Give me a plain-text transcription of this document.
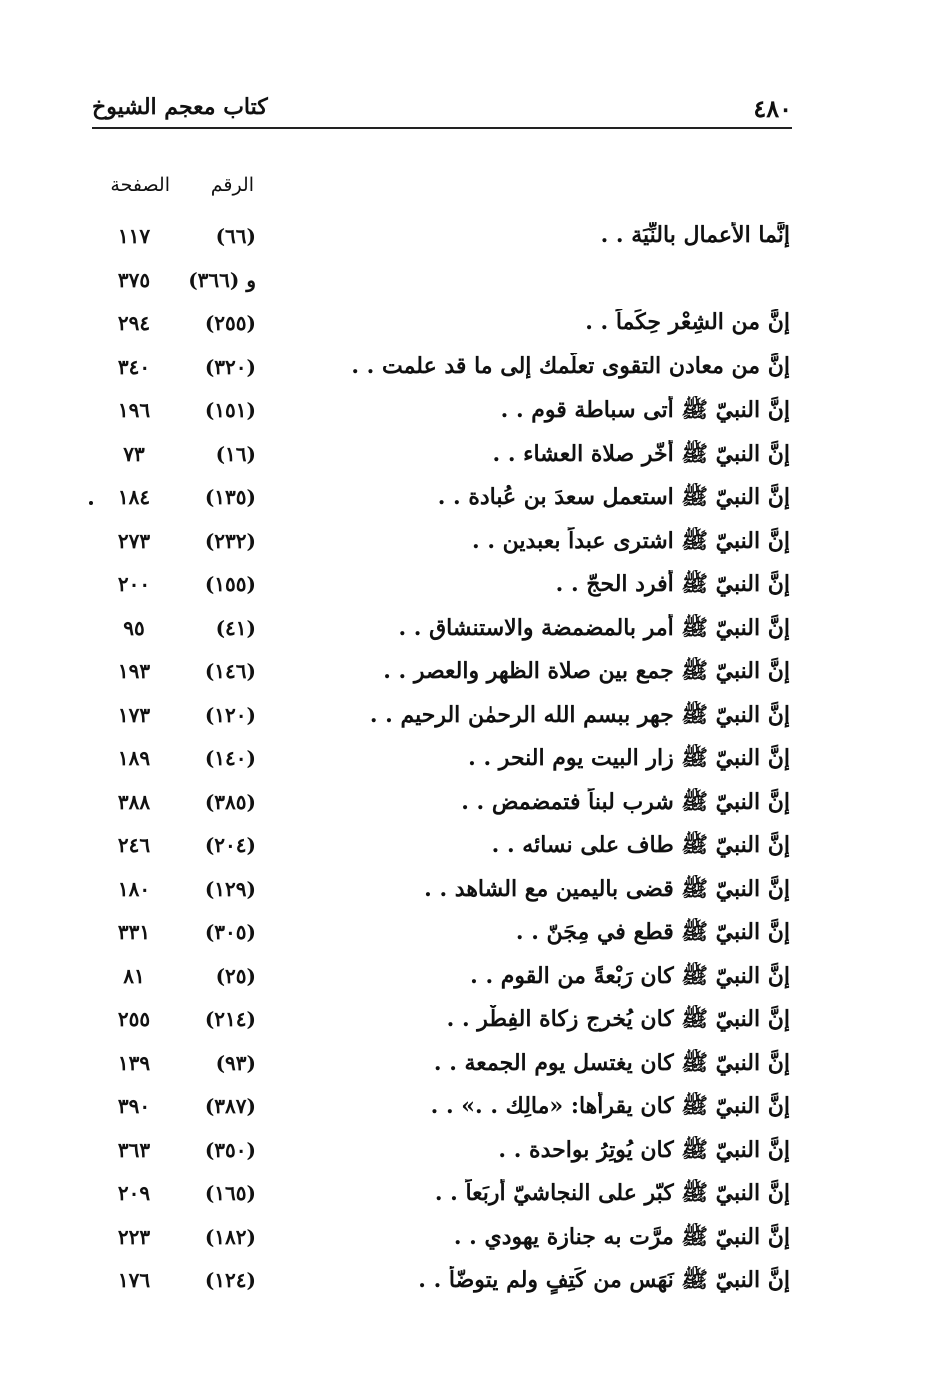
كتاب معجم الشيوخ	٤٨٠
الرقم
الصفحة
إنَّما الأعمال بالنِّيَة . .
(٦٦)
١١٧
و (٣٦٦)
٣٧٥
إنَّ من الشِعْر حِكَماً . .
(٢٥٥)
٢٩٤
إنَّ من معادن التقوى تعلُّمك إلى ما قد علمت . .
(٣٢٠)
٣٤٠
إنَّ النبيّ ﷺ أتى سباطة قوم . .
(١٥١)
١٩٦
إنَّ النبيّ ﷺ أخّر صلاة العشاء . .
(١٦)
٧٣
إنَّ النبيّ ﷺ استعمل سعدَ بن عُبادة . .
(١٣٥)
١٨٤
إنَّ النبيّ ﷺ اشترى عبداً بعبدين . .
(٢٣٢)
٢٧٣
إنَّ النبيّ ﷺ أفرد الحجّ . .
(١٥٥)
٢٠٠
إنَّ النبيّ ﷺ أمر بالمضمضة والاستنشاق . .
(٤١)
٩٥
إنَّ النبيّ ﷺ جمع بين صلاة الظهر والعصر . .
(١٤٦)
١٩٣
إنَّ النبيّ ﷺ جهر ببسم الله الرحمٰن الرحيم . .
(١٢٠)
١٧٣
إنَّ النبيّ ﷺ زار البيت يوم النحر . .
(١٤٠)
١٨٩
إنَّ النبيّ ﷺ شرب لبناً فتمضمض . .
(٣٨٥)
٣٨٨
إنَّ النبيّ ﷺ طاف على نسائه . .
(٢٠٤)
٢٤٦
إنَّ النبيّ ﷺ قضى باليمين مع الشاهد . .
(١٢٩)
١٨٠
إنَّ النبيّ ﷺ قطع في مِجَنّ . .
(٣٠٥)
٣٣١
إنَّ النبيّ ﷺ كان رَبْعةً من القوم . .
(٢٥)
٨١
إنَّ النبيّ ﷺ كان يُخرج زكاة الفِطْر . .
(٢١٤)
٢٥٥
إنَّ النبيّ ﷺ كان يغتسل يوم الجمعة . .
(٩٣)
١٣٩
إنَّ النبيّ ﷺ كان يقرأها: «مالِك . .» . .
(٣٨٧)
٣٩٠
إنَّ النبيّ ﷺ كان يُوتِرُ بواحدة . .
(٣٥٠)
٣٦٣
إنَّ النبيّ ﷺ كبّر على النجاشيّ أربَعاً . .
(١٦٥)
٢٠٩
إنَّ النبيّ ﷺ مرَّت به جنازة يهودي . .
(١٨٢)
٢٢٣
إنَّ النبيّ ﷺ نَهَس من كَتِفٍ ولم يتوضّأ . .
(١٢٤)
١٧٦
